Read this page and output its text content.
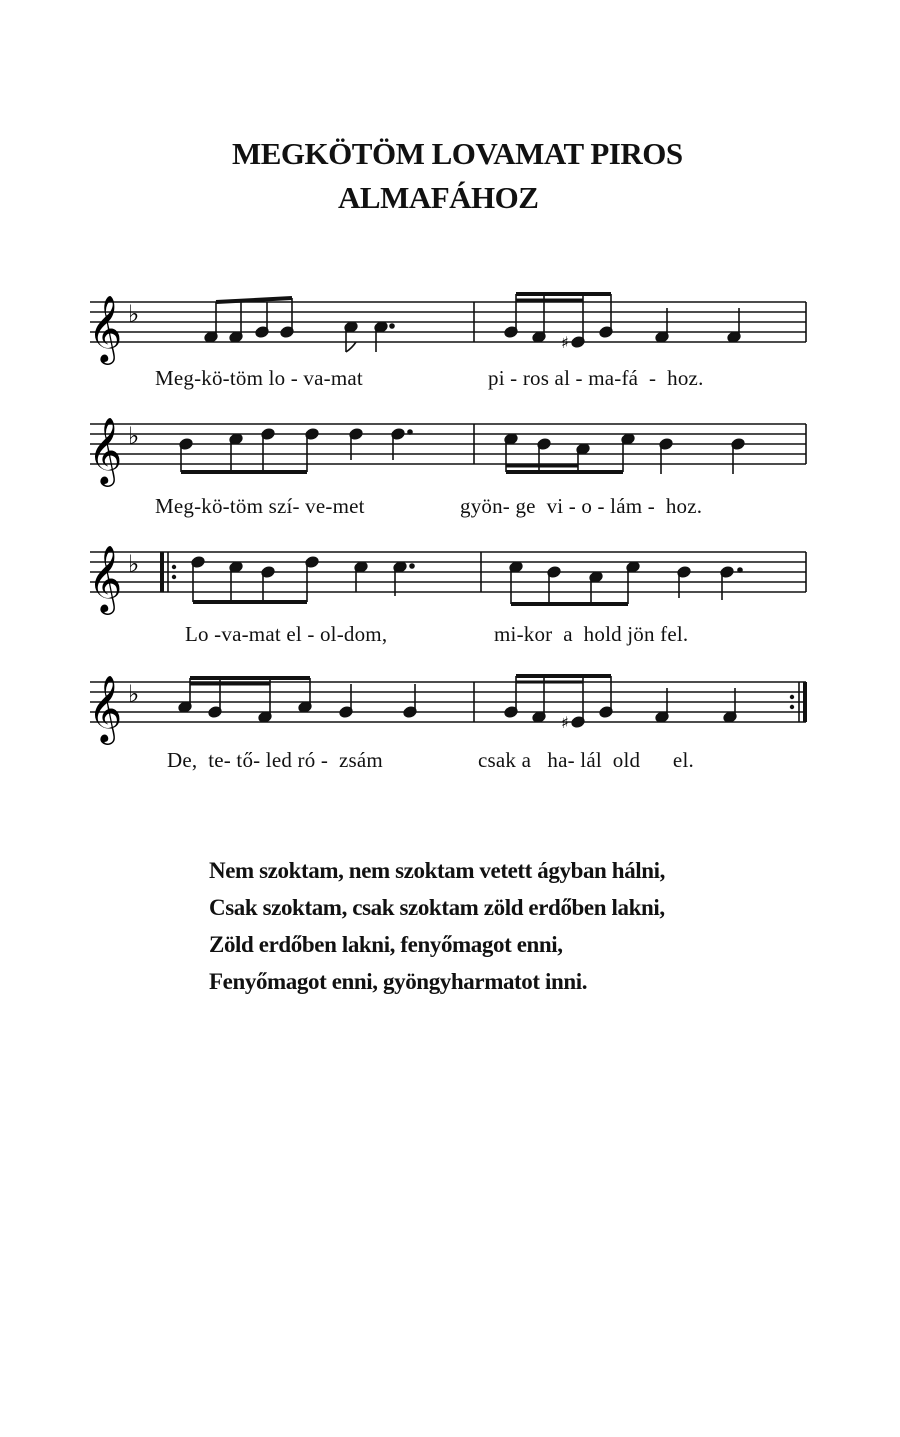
MEGKÖTÖM LOVAMAT PIROS
ALMAFÁHOZ
𝄞 ♭
♯
Meg-kö-töm lo - va-mat	pi - ros al - ma-fá  -  hoz.
𝄞 ♭
Meg-kö-töm szí- ve-met	gyön- ge  vi - o - lám -  hoz.
𝄞 ♭
Lo -va-mat el - ol-dom,	mi-kor  a  hold jön fel.
𝄞 ♭
♯
De,  te- tő- led ró -  zsám	csak a   ha- lál  old      el.
Nem szoktam, nem szoktam vetett ágyban hálni,
Csak szoktam, csak szoktam zöld erdőben lakni,
Zöld erdőben lakni, fenyőmagot enni,
Fenyőmagot enni, gyöngyharmatot inni.
